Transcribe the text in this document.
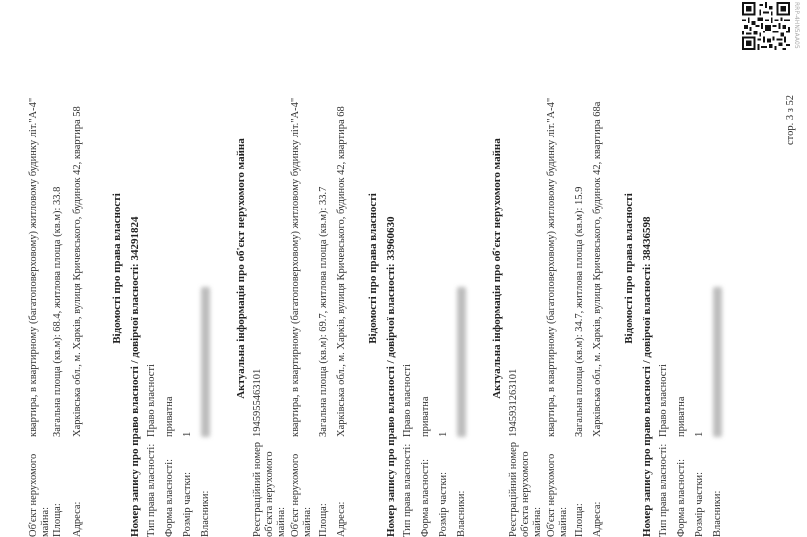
RRP-4HN5AA05
Об'єкт нерухомого майна:
квартира, в квартирному (багатоповерховому) житловому будинку літ."А-4"
Площа:
Загальна площа (кв.м): 68.4, житлова площа (кв.м): 33.8
Адреса:
Харківська обл., м. Харків, вулиця Кричевського, будинок 42, квартира 58	Відомості про права власності Номер запису про право власності / довірчої власності: 34291824 Тип права власності:
Право власності
Форма власності:
приватна
Розмір частки:
1
Власники:
Актуальна інформація про об'єкт нерухомого майна
Реєстраційний номер об'єкта нерухомого майна:
1945955463101
Об'єкт нерухомого майна:
квартира, в квартирному (багатоповерховому) житловому будинку літ."А-4"
Площа:
Загальна площа (кв.м): 69.7, житлова площа (кв.м): 33.7
Адреса:
Харківська обл., м. Харків, вулиця Кричевського, будинок 42, квартира 68 Відомості про права власності Номер запису про право власності / довірчої власності: 33960630 Тип права власності:
Право власності
Форма власності:
приватна
Розмір частки:
1
Власники:
Актуальна інформація про об'єкт нерухомого майна
Реєстраційний номер об'єкта нерухомого майна:
1945931263101
Об'єкт нерухомого майна:
квартира, в квартирному (багатоповерховому) житловому будинку літ."А-4"
Площа:
Загальна площа (кв.м): 34.7, житлова площа (кв.м): 15.9
Адреса:
Харківська обл., м. Харків, вулиця Кричевського, будинок 42, квартира 68а Відомості про права власності Номер запису про право власності / довірчої власності: 38436598 Тип права власності:
Право власності
Форма власності:
приватна
Розмір частки:
1
Власники:
стор. 3 з 52
